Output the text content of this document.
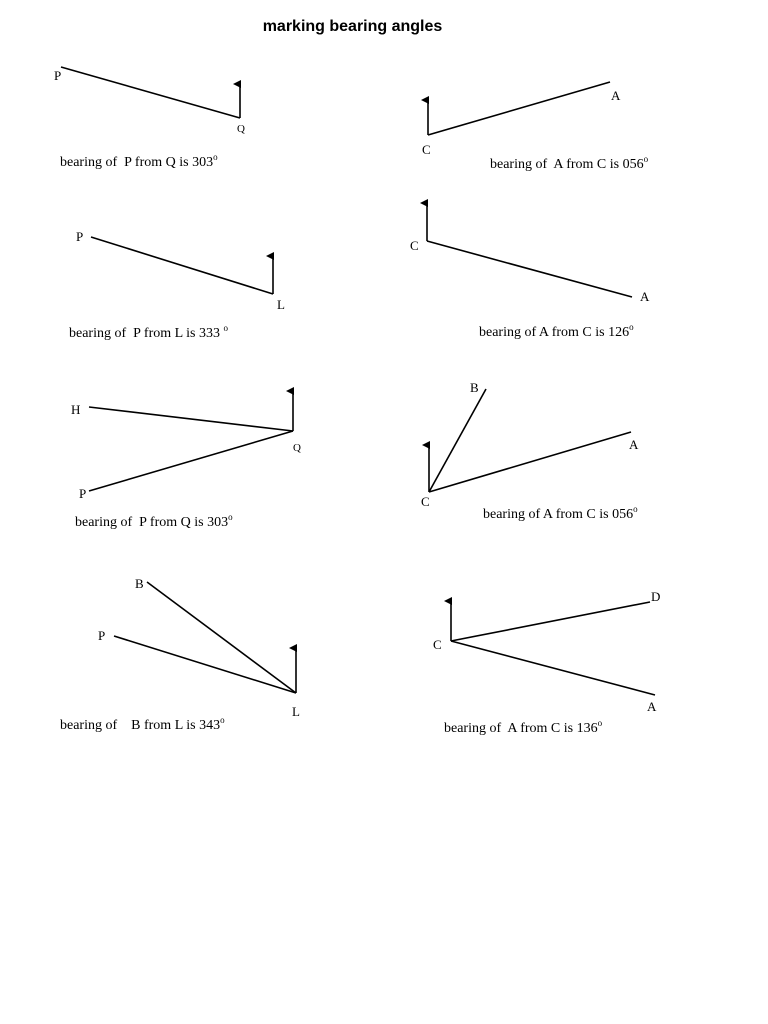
marking bearing angles
P
Q
bearing of  P from Q is 303$^o$
A
C
bearing of  A from C is 056$^o$
P
L
bearing of  P from L is 333 $^o$
C
A
bearing of A from C is 126$^o$
H
Q
P
bearing of  P from Q is 303$^o$
B
A
C
bearing of A from C is 056$^o$
B
P
L
bearing of    B from L is 343$^o$
D
C
A
bearing of  A from C is 136$^o$
